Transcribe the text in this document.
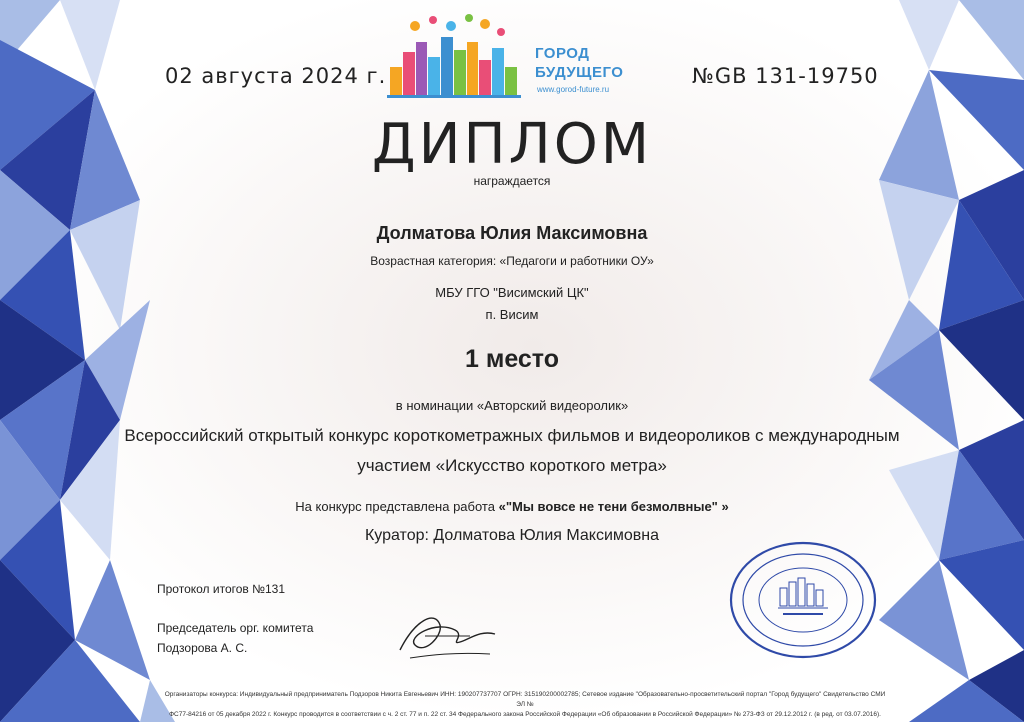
02 августа 2024 г.	№GB 131-19750
ГОРОД
БУДУЩЕГО
www.gorod-future.ru
ДИПЛОМ
награждается
Долматова Юлия Максимовна
Возрастная категория: «Педагоги и работники ОУ»
МБУ ГГО "Висимский ЦК"
п. Висим
1 место
в номинации «Авторский видеоролик»
Всероссийский открытый конкурс короткометражных фильмов и видеороликов с международным
участием «Искусство короткого метра»
На конкурс представлена работа «"Мы вовсе не тени безмолвные" »
Куратор: Долматова Юлия Максимовна
Протокол итогов №131
Председатель орг. комитета
Подзорова А. С.
Организаторы конкурса: Индивидуальный предприниматель Подзоров Никита Евгеньевич ИНН: 190207737707 ОГРН: 315190200002785; Сетевое издание "Образовательно-просветительский портал "Город будущего" Свидетельство СМИ ЭЛ №
ФС77-84216 от 05 декабря 2022 г. Конкурс проводится в соответствии с ч. 2 ст. 77 и п. 22 ст. 34 Федерального закона Российской Федерации «Об образовании в Российской Федерации» № 273-ФЗ от 29.12.2012 г. (в ред. от 03.07.2016).
